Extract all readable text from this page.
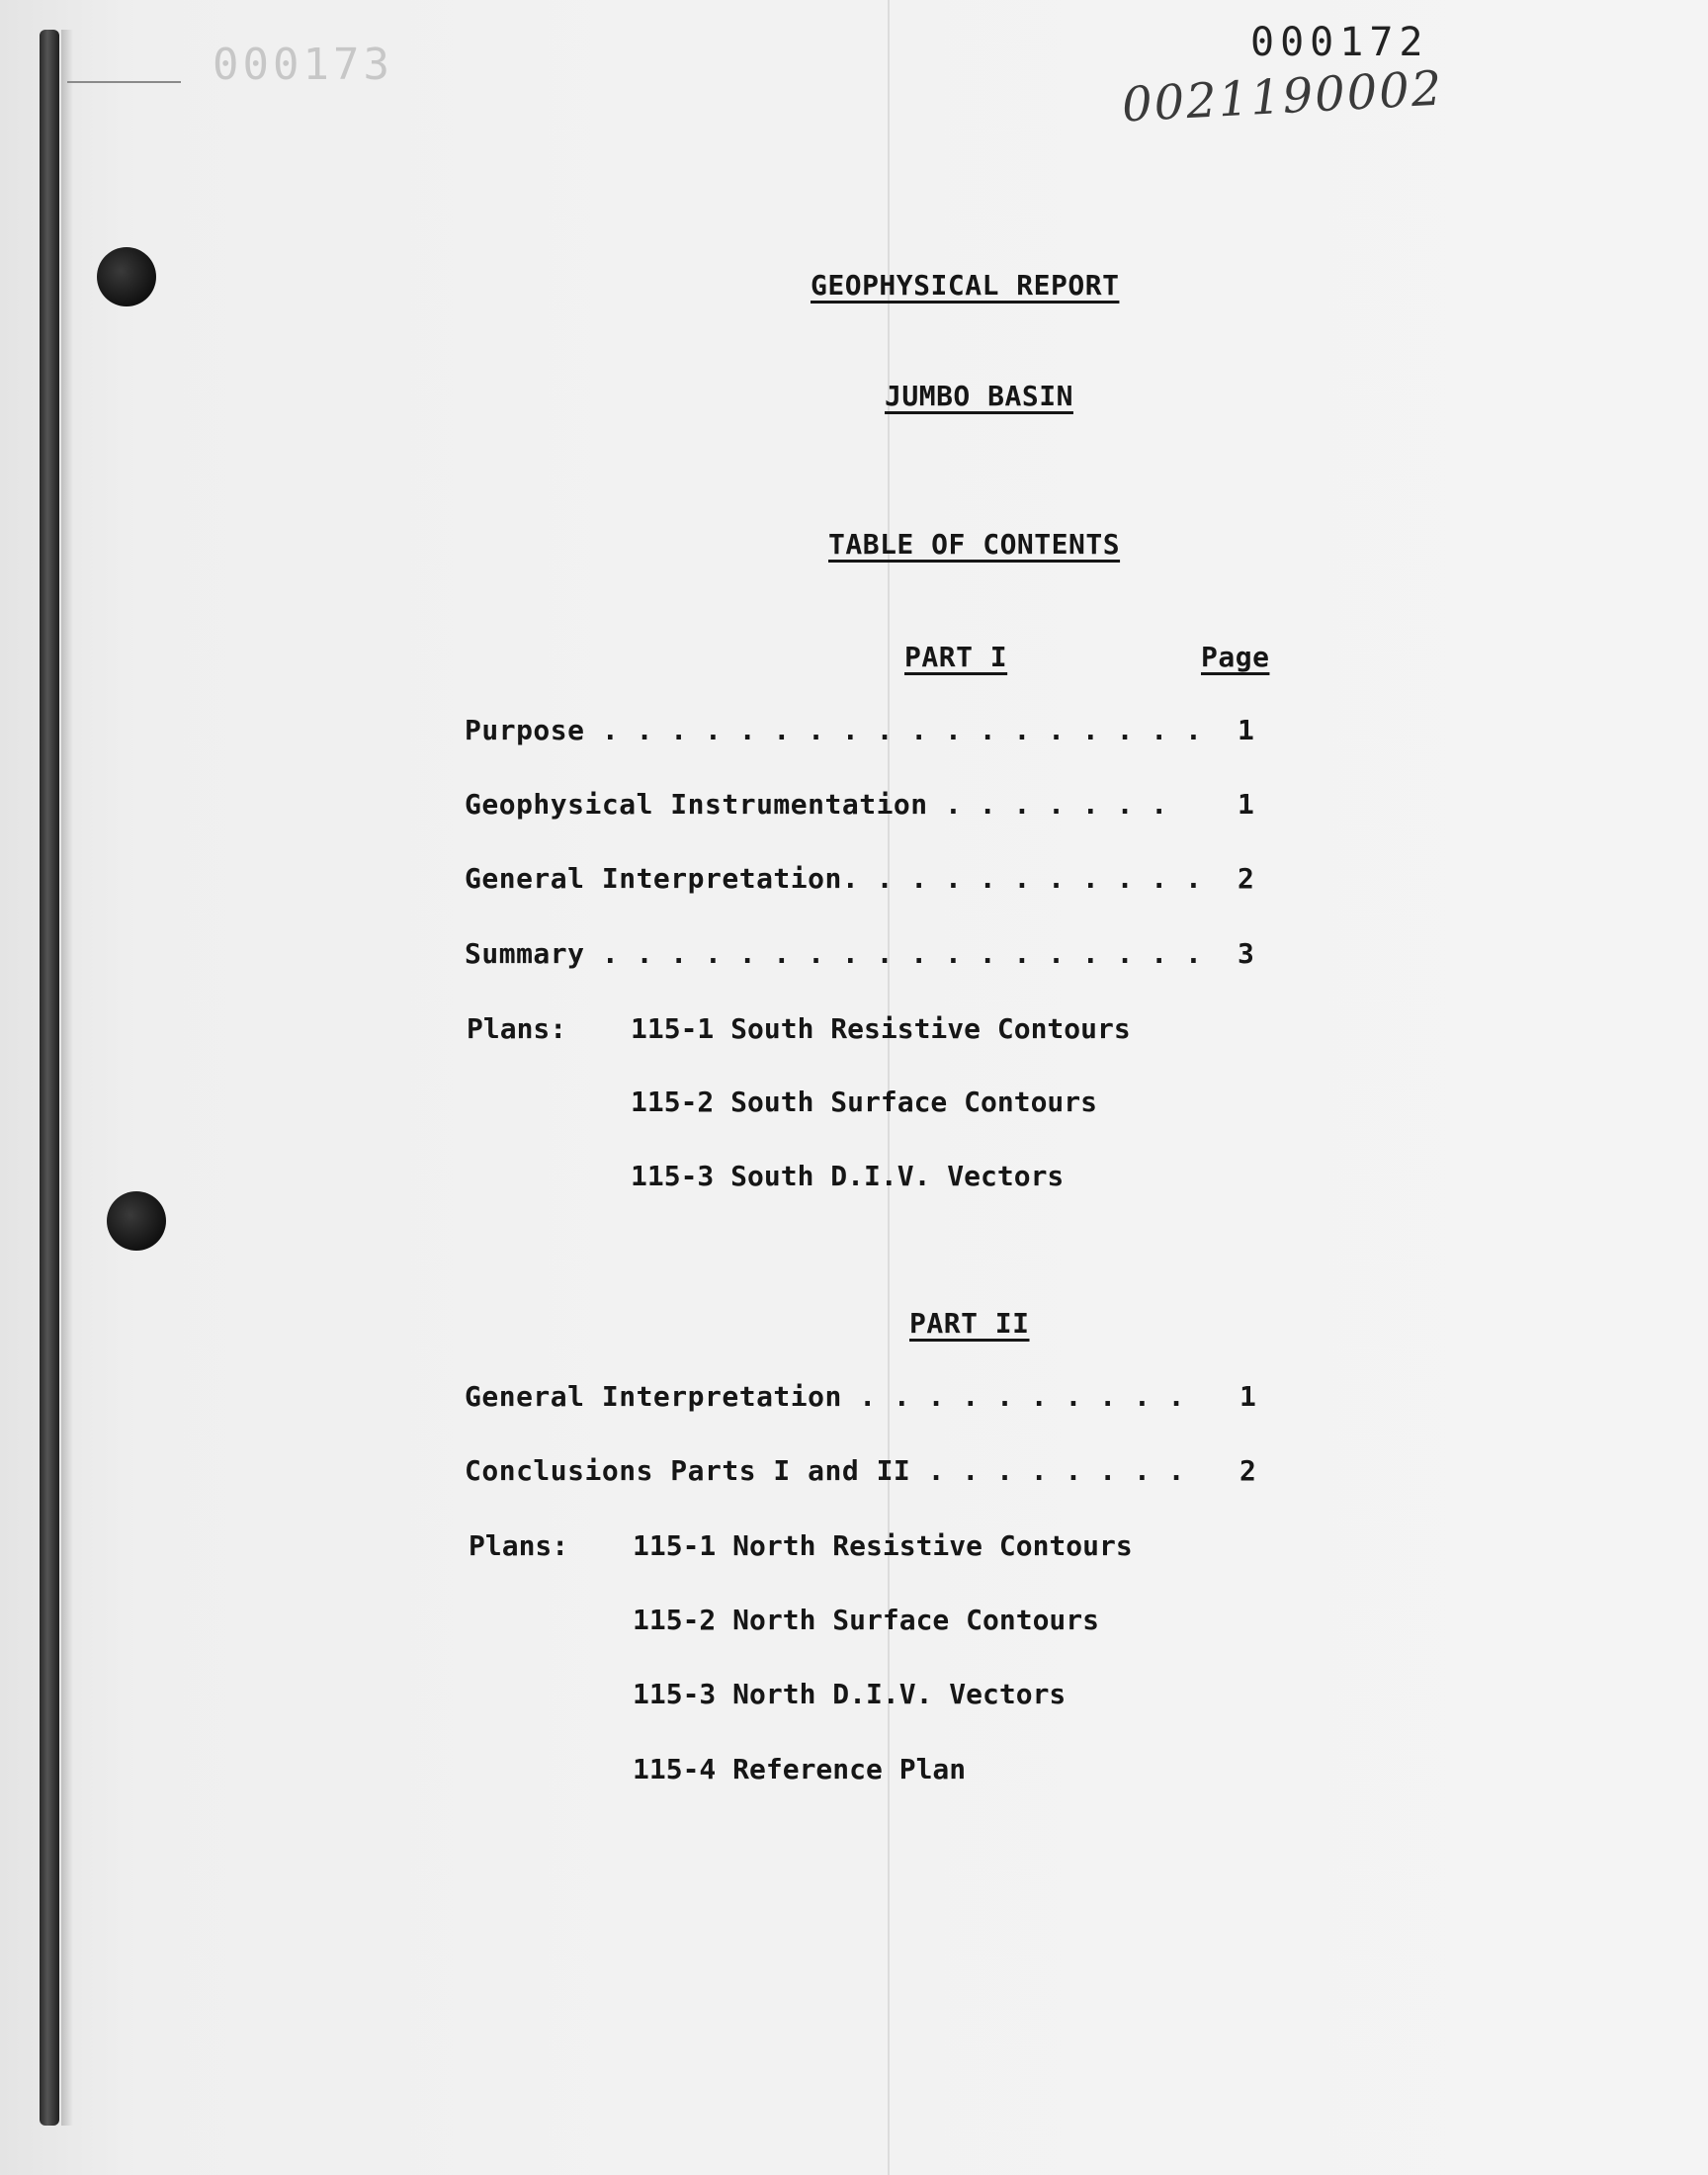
000173	000172
0021190002
GEOPHYSICAL REPORT
JUMBO BASIN
TABLE OF CONTENTS
PART I	Page
Purpose . . . . . . . . . . . . . . . . . . 1
Geophysical Instrumentation . . . . . . .	1
General Interpretation. . . . . . . . . . . 2
Summary . . . . . . . . . . . . . . . . . . 3
Plans: 115-1 South Resistive Contours
115-2 South Surface Contours
115-3 South D.I.V. Vectors
PART II
General Interpretation . . . . . . . . . . 1
Conclusions Parts I and II . . . . . . . . 2
Plans: 115-1 North Resistive Contours
115-2 North Surface Contours
115-3 North D.I.V. Vectors
115-4 Reference Plan
